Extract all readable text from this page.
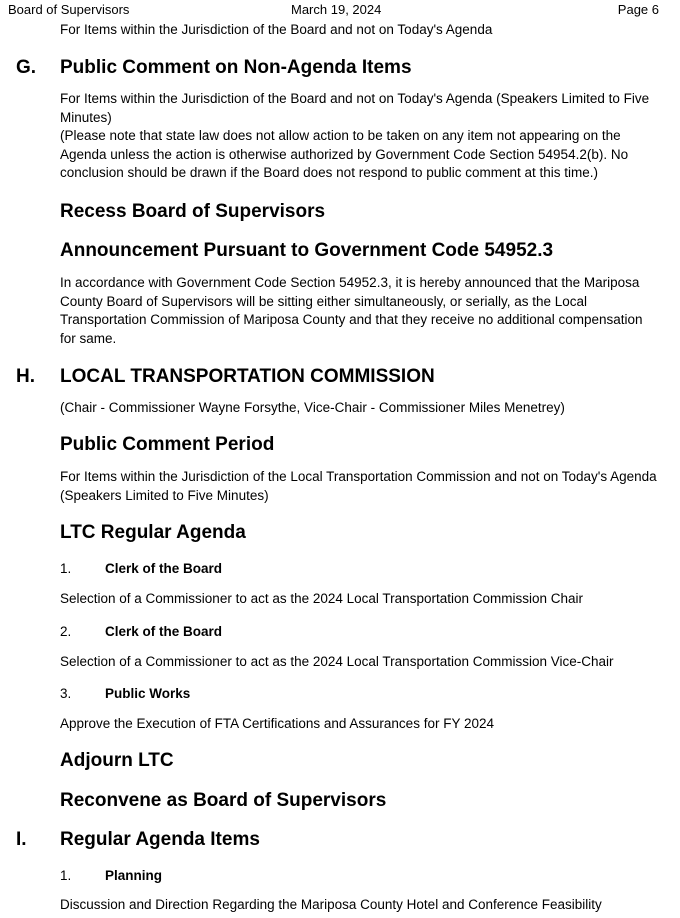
Board of Supervisors	March 19, 2024	Page 6
For Items within the Jurisdiction of the Board and not on Today's Agenda
G. Public Comment on Non-Agenda Items

For Items within the Jurisdiction of the Board and not on Today's Agenda (Speakers Limited to Five Minutes)

(Please note that state law does not allow action to be taken on any item not appearing on the Agenda unless the action is otherwise authorized by Government Code Section 54954.2(b). No conclusion should be drawn if the Board does not respond to public comment at this time.)

Recess Board of Supervisors
Announcement Pursuant to Government Code 54952.3
In accordance with Government Code Section 54952.3, it is hereby announced that the Mariposa County Board of Supervisors will be sitting either simultaneously, or serially, as the Local Transportation Commission of Mariposa County and that they receive no additional compensation for same.
H. LOCAL TRANSPORTATION COMMISSION
(Chair - Commissioner Wayne Forsythe, Vice-Chair - Commissioner Miles Menetrey)
Public Comment Period
For Items within the Jurisdiction of the Local Transportation Commission and not on Today's Agenda (Speakers Limited to Five Minutes)
LTC Regular Agenda
1. Clerk of the Board
Selection of a Commissioner to act as the 2024 Local Transportation Commission Chair
2. Clerk of the Board
Selection of a Commissioner to act as the 2024 Local Transportation Commission Vice-Chair
3. Public Works
Approve the Execution of FTA Certifications and Assurances for FY 2024
Adjourn LTC
Reconvene as Board of Supervisors
I. Regular Agenda Items
1. Planning
Discussion and Direction Regarding the Mariposa County Hotel and Conference Feasibility
